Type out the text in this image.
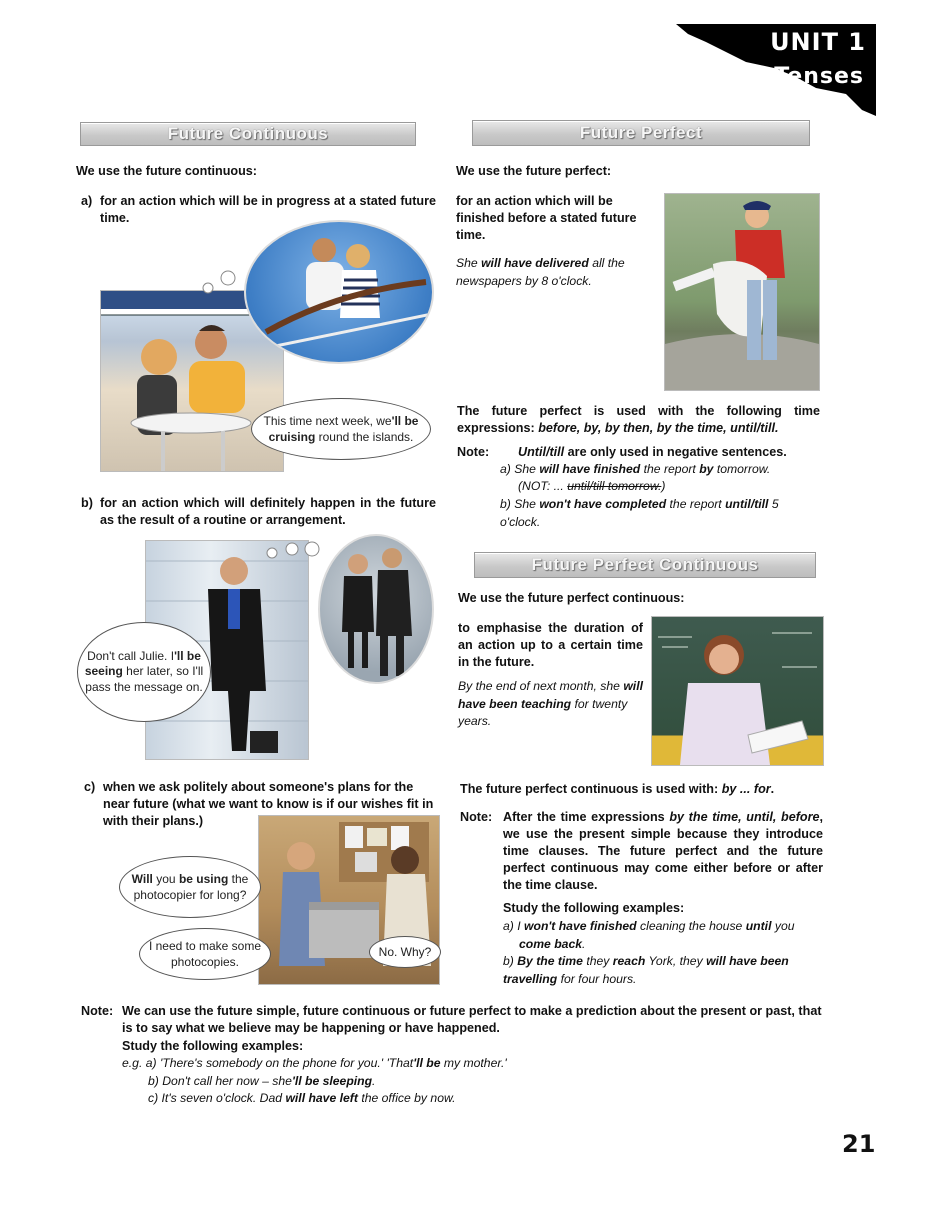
UNIT 1
Tenses
Future Continuous
We use the future continuous:
a) for an action which will be in progress at a stated future time.
This time next week, we'll be cruising round the islands.
b) for an action which will definitely happen in the future as the result of a routine or arrangement.
Don't call Julie. I'll be seeing her later, so I'll pass the message on.
c) when we ask politely about someone's plans for the near future (what we want to know is if our wishes fit in with their plans.)
Will you be using the photocopier for long?
I need to make some photocopies.
No. Why?
Future Perfect
We use the future perfect:
for an action which will be finished before a stated future time.
She will have delivered all the newspapers by 8 o'clock.
The future perfect is used with the following time expressions: before, by, by then, by the time, until/till.
Note: Until/till are only used in negative sentences.
a) She will have finished the report by tomorrow.
(NOT: ... until/till tomorrow.)
b) She won't have completed the report until/till 5 o'clock.
Future Perfect Continuous
We use the future perfect continuous:
to emphasise the duration of an action up to a certain time in the future.
By the end of next month, she will have been teaching for twenty years.
The future perfect continuous is used with: by ... for.
Note: After the time expressions by the time, until, before, we use the present simple because they introduce time clauses. The future perfect and the future perfect continuous may come either before or after the time clause.
Study the following examples:
a) I won't have finished cleaning the house until you
come back.
b) By the time they reach York, they will have been travelling for four hours.
Note: We can use the future simple, future continuous or future perfect to make a prediction about the present or past, that is to say what we believe may be happening or have happened.
Study the following examples:
e.g. a) 'There's somebody on the phone for you.' 'That'll be my mother.'
b) Don't call her now – she'll be sleeping.
c) It's seven o'clock. Dad will have left the office by now.
21
